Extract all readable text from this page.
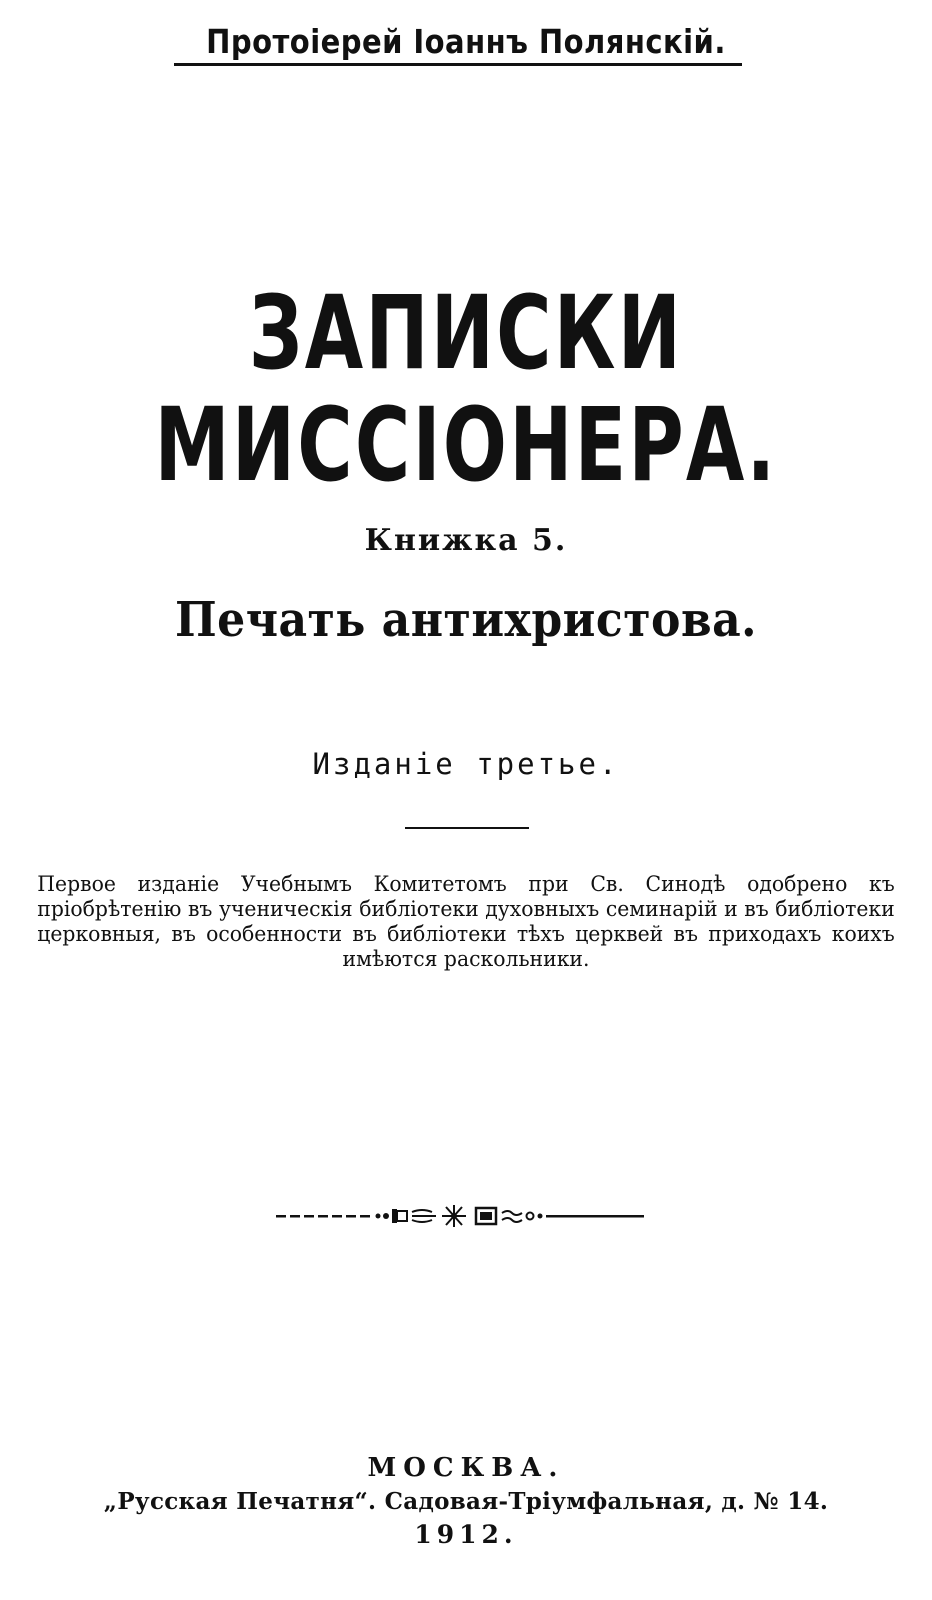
Протоіерей Іоаннъ Полянскій.
ЗАПИСКИ МИССІОНЕРА.
Книжка 5.
Печать антихристова.
Изданіе третье.
Первое изданіе Учебнымъ Комитетомъ при Св. Синодѣ одобрено къ пріобрѣтенію въ ученическія библіотеки духовныхъ семинарій и въ библіотеки церковныя, въ особенности въ библіотеки тѣхъ церквей въ приходахъ коихъ имѣются раскольники.
МОСКВА.
„Русская Печатня“. Садовая-Тріумфальная, д. № 14.
1912.
